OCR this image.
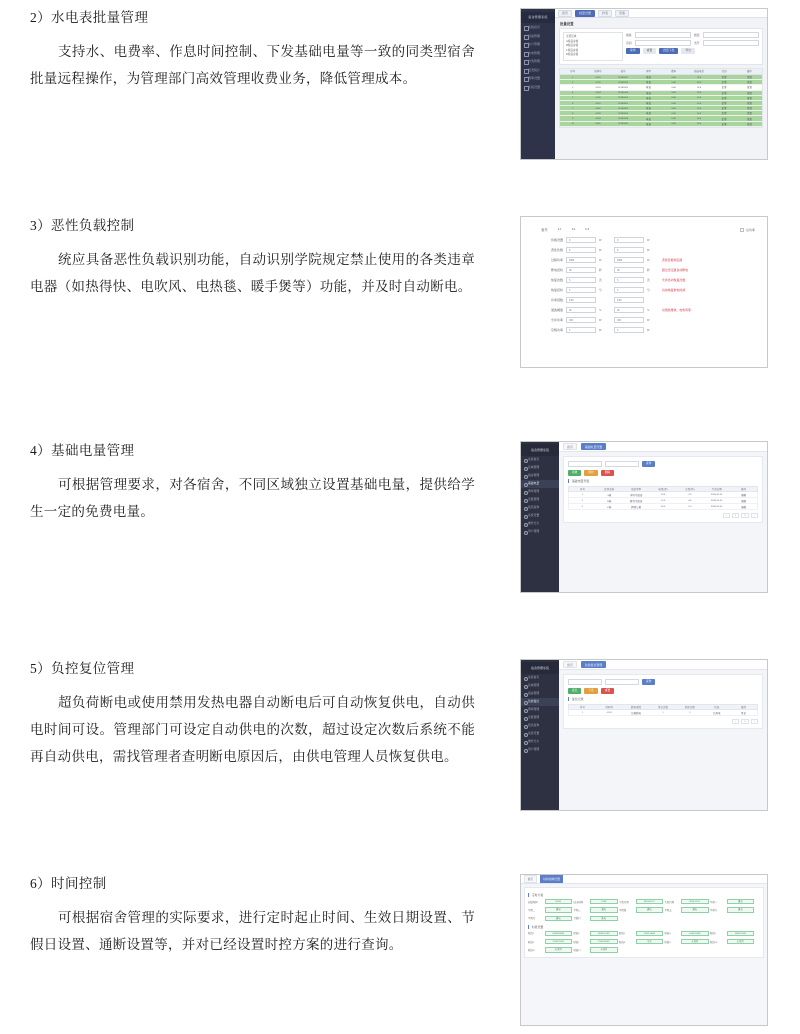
宿舍管理系统
系统首页
设备管理
住户管理
水电管理
抄表管理
报表统计
费率设置
系统设置
首页	批量设置	抄表	充值
批量设置
全部区域
A栋宿舍楼
B栋宿舍楼
C栋宿舍楼
D栋宿舍楼
楼栋	楼层
房间	表号
查询	重置	批量下发	导出
序号	房间号	表号	类型	费率	基础电量	状态	操作
1	A101	20180101	电表	0.60	10.0	正常	设置
2	A102	20180102	电表	0.60	10.0	正常	设置
3	A103	20180103	电表	0.60	10.0	正常	设置
4	A104	20180104	电表	0.60	10.0	正常	设置
5	A105	20180105	电表	0.60	10.0	正常	设置
6	A201	20180201	电表	0.60	10.0	正常	设置
7	A202	20180202	电表	0.60	10.0	正常	设置
8	A203	20180203	电表	0.60	10.0	正常	设置
9	A204	20180204	电表	0.60	10.0	正常	设置
10	A205	20180205	电表	0.60	10.0	正常	设置

2）水电表批量管理

支持水、电费率、作息时间控制、下发基础电量等一致的同类型宿舍批量远程操作，为管理部门高效管理收费业务，降低管理成本。

表号	L1	L2	L3	总功率
负载设置	0	W	0	W
恶性负载	0	W	0	W
过载功率	3000	W	3000	W	恶性负载判定值
断电延时	30	秒	30	秒	超过设定值自动断电
恢复次数	3	次	3	次	允许自动恢复次数
恢复延时	5	分	5	分	自动恢复供电时间
功率因数	0.85	0.85
谐波阈值	20	%	20	%	识别热得快、电吹风等
允许功率	100	W	100	W
空载功率	5	W	5	W

3）恶性负载控制

统应具备恶性负载识别功能，自动识别学院规定禁止使用的各类违章电器（如热得快、电吹风、电热毯、暖手煲等）功能，并及时自动断电。

宿舍管理系统
系统首页
区域管理
宿舍管理
基础电量
费率管理
充值管理
报表查询
系统设置
操作日志
用户管理
首页	基础电量设置
查询
新增	修改	删除
基础电量列表
序号	区域名称	宿舍类型	电量(度)	水量(吨)	生效日期	操作
1	A栋	本科生宿舍	10.0	3.0	2018-01-01	编辑
2	B栋	研究生宿舍	15.0	4.0	2018-01-01	编辑
3	C栋	教师公寓	20.0	5.0	2018-01-01	编辑
<	1	2	>

4）基础电量管理

可根据管理要求，对各宿舍，不同区域独立设置基础电量，提供给学生一定的免费电量。

宿舍管理系统
系统首页
区域管理
宿舍管理
负控复位
费率管理
充值管理
报表查询
系统设置
操作日志
用户管理
首页	负控复位管理
查询
复位	下发	重置
复位记录
序号	房间号	断电原因	复位次数	剩余次数	状态	操作
1	A101	过载断电	1	2	已供电	复位
<	1	>

5）负控复位管理

超负荷断电或使用禁用发热电器自动断电后可自动恢复供电，自动供电时间可设。管理部门可设定自动供电的次数，超过设定次数后系统不能再自动供电，需找管理者查明断电原因后，由供电管理人员恢复供电。

首页	时间控制设置
定时方案
起始时间	06:00	结束时间	23:00	生效日期	2018-01-01	失效日期	2020-12-31	星期一	通电
星期二	通电	星期三	通电	星期四	通电	星期五	通电	星期六	通电
星期日	通电	节假日	断电
时段设置
时段1	06:00-08:00	时段2	08:00-12:00	时段3	12:00-14:00	时段4	14:00-18:00	时段5	18:00-22:00
时段6	22:00-23:00	时段7	23:00-06:00	时段8	全天	时段9	未设置	时段10	未设置
时段11	未设置	时段12	未设置

6）时间控制

可根据宿舍管理的实际要求，进行定时起止时间、生效日期设置、节假日设置、通断设置等，并对已经设置时控方案的进行查询。
